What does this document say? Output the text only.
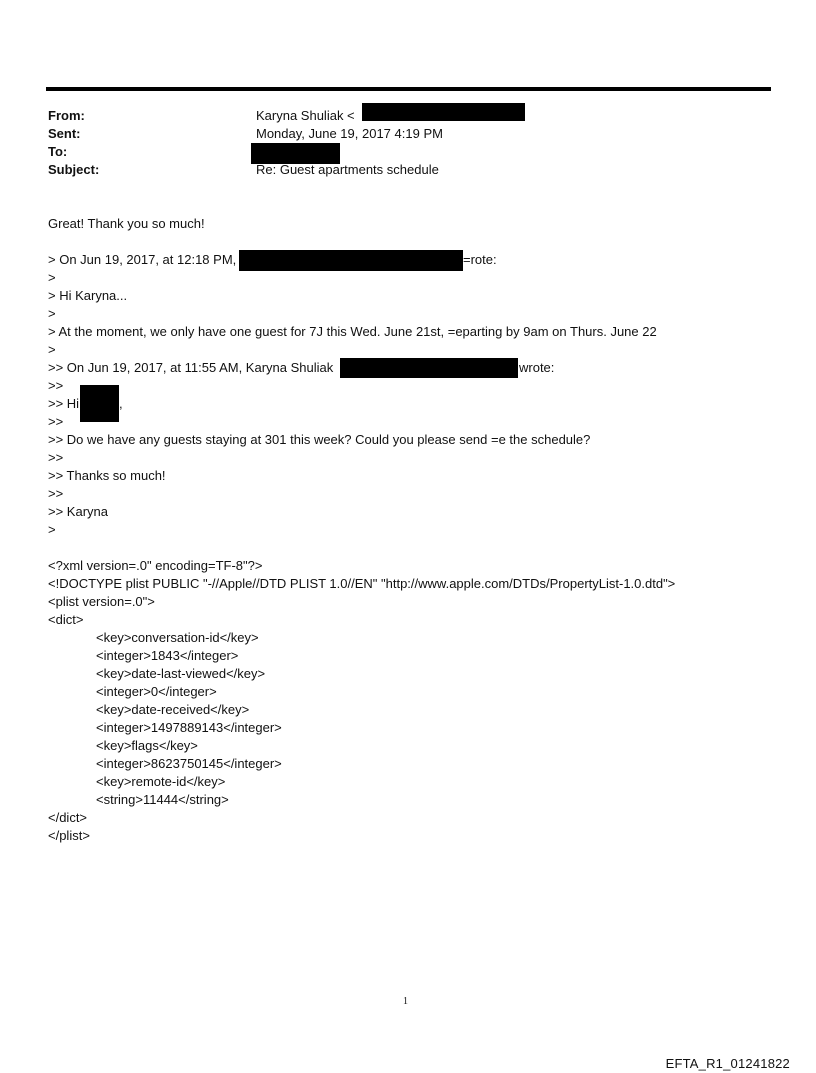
From:	Karyna Shuliak <
Sent:	Monday, June 19, 2017 4:19 PM
To:
Subject:	Re: Guest apartments schedule
Great! Thank you so much!
> On Jun 19, 2017, at 12:18 PM,	=rote:
>
> Hi Karyna...
>
> At the moment, we only have one guest for 7J this Wed. June 21st, =eparting by 9am on Thurs. June 22
>
>> On Jun 19, 2017, at 11:55 AM, Karyna Shuliak	wrote:
>>
>> Hi	,
>>
>> Do we have any guests staying at 301 this week? Could you please send =e the schedule?
>>
>> Thanks so much!
>>
>> Karyna
>
<?xml version=.0" encoding=TF-8"?>
<!DOCTYPE plist PUBLIC "-//Apple//DTD PLIST 1.0//EN" "http://www.apple.com/DTDs/PropertyList-1.0.dtd">
<plist version=.0">
<dict>
<key>conversation-id</key>
<integer>1843</integer>
<key>date-last-viewed</key>
<integer>0</integer>
<key>date-received</key>
<integer>1497889143</integer>
<key>flags</key>
<integer>8623750145</integer>
<key>remote-id</key>
<string>11444</string>
</dict>
</plist>
1
EFTA_R1_01241822
